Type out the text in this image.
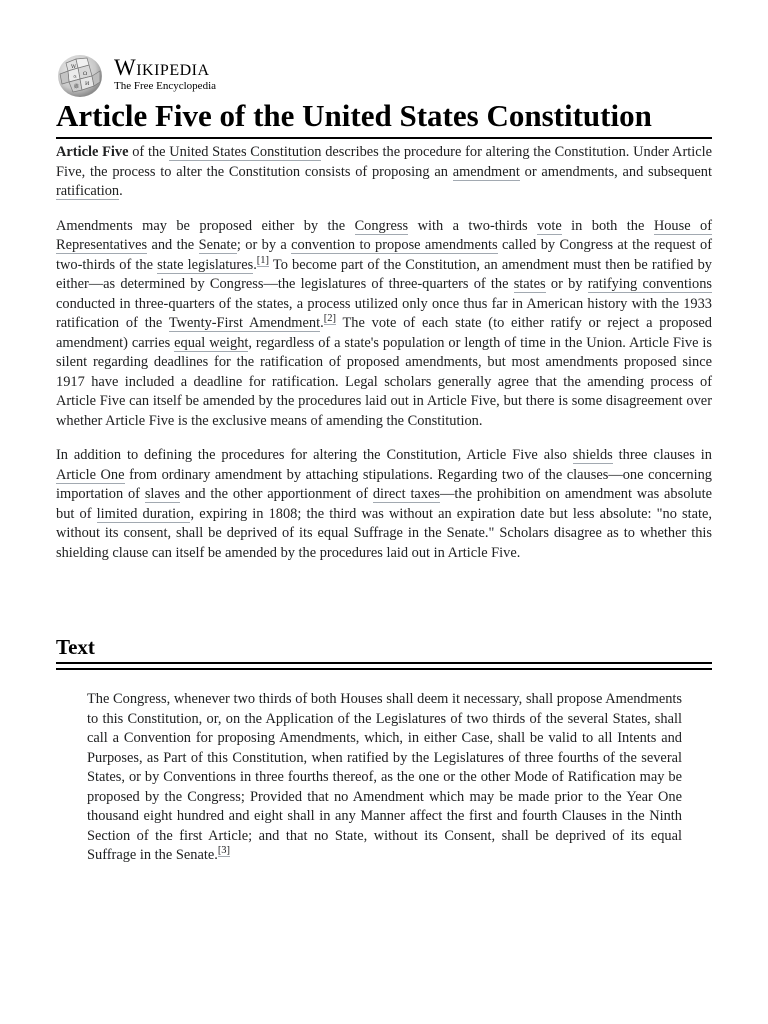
W
Ω
ও
И
維
Wikipedia
The Free Encyclopedia
Article Five of the United States Constitution

Article Five of the United States Constitution describes the procedure for altering the Constitution. Under Article Five, the process to alter the Constitution consists of proposing an amendment or amendments, and subsequent ratification.

Amendments may be proposed either by the Congress with a two-thirds vote in both the House of Representatives and the Senate; or by a convention to propose amendments called by Congress at the request of two-thirds of the state legislatures.[1] To become part of the Constitution, an amendment must then be ratified by either—as determined by Congress—the legislatures of three-quarters of the states or by ratifying conventions conducted in three-quarters of the states, a process utilized only once thus far in American history with the 1933 ratification of the Twenty-First Amendment.[2] The vote of each state (to either ratify or reject a proposed amendment) carries equal weight, regardless of a state's population or length of time in the Union. Article Five is silent regarding deadlines for the ratification of proposed amendments, but most amendments proposed since 1917 have included a deadline for ratification. Legal scholars generally agree that the amending process of Article Five can itself be amended by the procedures laid out in Article Five, but there is some disagreement over whether Article Five is the exclusive means of amending the Constitution.

In addition to defining the procedures for altering the Constitution, Article Five also shields three clauses in Article One from ordinary amendment by attaching stipulations. Regarding two of the clauses—one concerning importation of slaves and the other apportionment of direct taxes—the prohibition on amendment was absolute but of limited duration, expiring in 1808; the third was without an expiration date but less absolute: "no state, without its consent, shall be deprived of its equal Suffrage in the Senate." Scholars disagree as to whether this shielding clause can itself be amended by the procedures laid out in Article Five.

Text
The Congress, whenever two thirds of both Houses shall deem it necessary, shall propose Amendments to this Constitution, or, on the Application of the Legislatures of two thirds of the several States, shall call a Convention for proposing Amendments, which, in either Case, shall be valid to all Intents and Purposes, as Part of this Constitution, when ratified by the Legislatures of three fourths of the several States, or by Conventions in three fourths thereof, as the one or the other Mode of Ratification may be proposed by the Congress; Provided that no Amendment which may be made prior to the Year One thousand eight hundred and eight shall in any Manner affect the first and fourth Clauses in the Ninth Section of the first Article; and that no State, without its Consent, shall be deprived of its equal Suffrage in the Senate.[3]
